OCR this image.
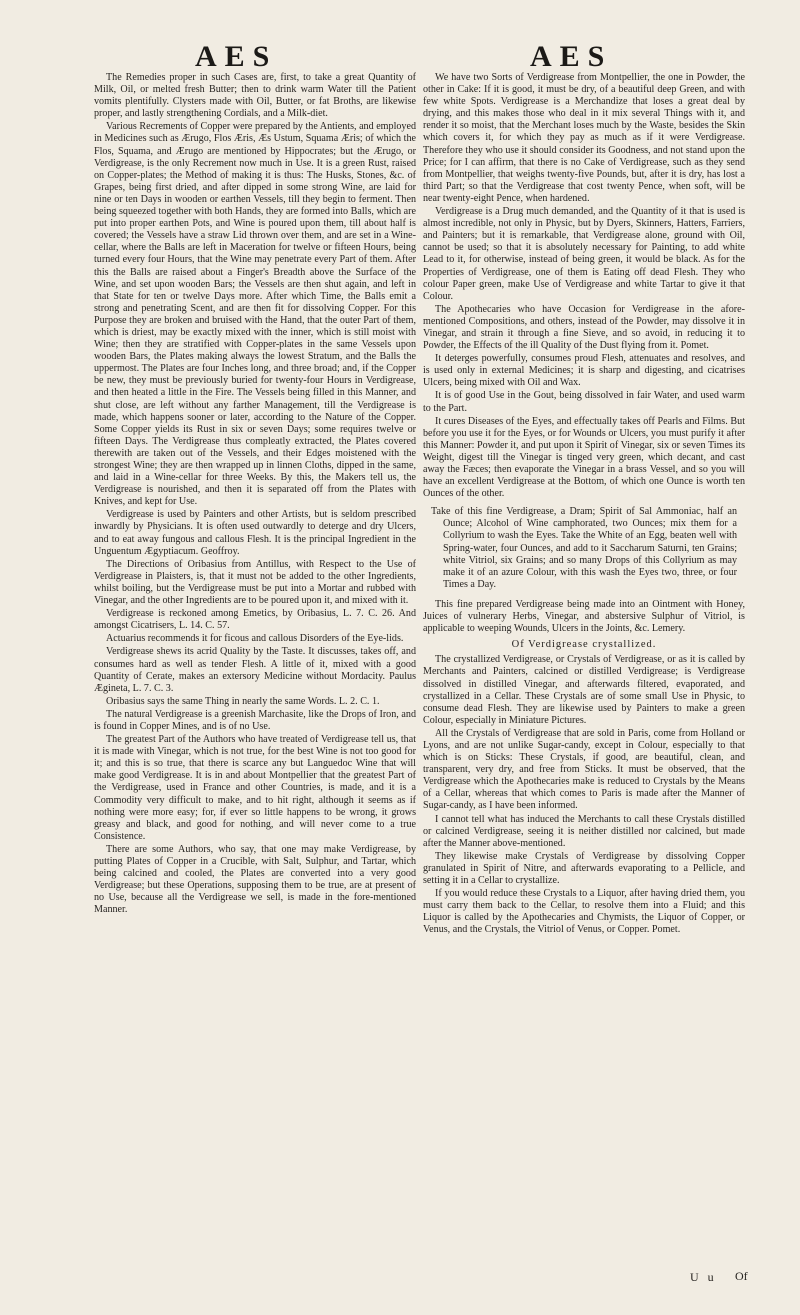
AES	AES

The Remedies proper in such Cases are, first, to take a great Quantity of Milk, Oil, or melted fresh Butter; then to drink warm Water till the Patient vomits plentifully. Clysters made with Oil, Butter, or fat Broths, are likewise proper, and lastly strengthening Cordials, and a Milk-diet.

Various Recrements of Copper were prepared by the Antients, and employed in Medicines such as Ærugo, Flos Æris, Æs Ustum, Squama Æris; of which the Flos, Squama, and Ærugo are mentioned by Hippocrates; but the Ærugo, or Verdigrease, is the only Recrement now much in Use. It is a green Rust, raised on Copper-plates; the Method of making it is thus: The Husks, Stones, &c. of Grapes, being first dried, and after dipped in some strong Wine, are laid for nine or ten Days in wooden or earthen Vessels, till they begin to ferment. Then being squeezed together with both Hands, they are formed into Balls, which are put into proper earthen Pots, and Wine is poured upon them, till about half is covered; the Vessels have a straw Lid thrown over them, and are set in a Wine-cellar, where the Balls are left in Maceration for twelve or fifteen Hours, being turned every four Hours, that the Wine may penetrate every Part of them. After this the Balls are raised about a Finger's Breadth above the Surface of the Wine, and set upon wooden Bars; the Vessels are then shut again, and left in that State for ten or twelve Days more. After which Time, the Balls emit a strong and penetrating Scent, and are then fit for dissolving Copper. For this Purpose they are broken and bruised with the Hand, that the outer Part of them, which is driest, may be exactly mixed with the inner, which is still moist with Wine; then they are stratified with Copper-plates in the same Vessels upon wooden Bars, the Plates making always the lowest Stratum, and the Balls the uppermost. The Plates are four Inches long, and three broad; and, if the Copper be new, they must be previously buried for twenty-four Hours in Verdigrease, and then heated a little in the Fire. The Vessels being filled in this Manner, and shut close, are left without any farther Management, till the Verdigrease is made, which happens sooner or later, according to the Nature of the Copper. Some Copper yields its Rust in six or seven Days; some requires twelve or fifteen Days. The Verdigrease thus compleatly extracted, the Plates covered therewith are taken out of the Vessels, and their Edges moistened with the strongest Wine; they are then wrapped up in linnen Cloths, dipped in the same, and laid in a Wine-cellar for three Weeks. By this, the Makers tell us, the Verdigrease is nourished, and then it is separated off from the Plates with Knives, and kept for Use.

Verdigrease is used by Painters and other Artists, but is seldom prescribed inwardly by Physicians. It is often used outwardly to deterge and dry Ulcers, and to eat away fungous and callous Flesh. It is the principal Ingredient in the Unguentum Ægyptiacum. Geoffroy.

The Directions of Oribasius from Antillus, with Respect to the Use of Verdigrease in Plaisters, is, that it must not be added to the other Ingredients, whilst boiling, but the Verdigrease must be put into a Mortar and rubbed with Vinegar, and the other Ingredients are to be poured upon it, and mixed with it.

Verdigrease is reckoned among Emetics, by Oribasius, L. 7. C. 26. And amongst Cicatrisers, L. 14. C. 57.

Actuarius recommends it for ficous and callous Disorders of the Eye-lids.

Verdigrease shews its acrid Quality by the Taste. It discusses, takes off, and consumes hard as well as tender Flesh. A little of it, mixed with a good Quantity of Cerate, makes an extersory Medicine without Mordacity. Paulus Ægineta, L. 7. C. 3.

Oribasius says the same Thing in nearly the same Words. L. 2. C. 1.

The natural Verdigrease is a greenish Marchasite, like the Drops of Iron, and is found in Copper Mines, and is of no Use.

The greatest Part of the Authors who have treated of Verdigrease tell us, that it is made with Vinegar, which is not true, for the best Wine is not too good for it; and this is so true, that there is scarce any but Languedoc Wine that will make good Verdigrease. It is in and about Montpellier that the greatest Part of the Verdigrease, used in France and other Countries, is made, and it is a Commodity very difficult to make, and to hit right, although it seems as if nothing were more easy; for, if ever so little happens to be wrong, it grows greasy and black, and good for nothing, and will never come to a true Consistence.

There are some Authors, who say, that one may make Verdigrease, by putting Plates of Copper in a Crucible, with Salt, Sulphur, and Tartar, which being calcined and cooled, the Plates are converted into a very good Verdigrease; but these Operations, supposing them to be true, are at present of no Use, because all the Verdigrease we sell, is made in the fore-mentioned Manner.

We have two Sorts of Verdigrease from Montpellier, the one in Powder, the other in Cake: If it is good, it must be dry, of a beautiful deep Green, and with few white Spots. Verdigrease is a Merchandize that loses a great deal by drying, and this makes those who deal in it mix several Things with it, and render it so moist, that the Merchant loses much by the Waste, besides the Skin which covers it, for which they pay as much as if it were Verdigrease. Therefore they who use it should consider its Goodness, and not stand upon the Price; for I can affirm, that there is no Cake of Verdigrease, such as they send from Montpellier, that weighs twenty-five Pounds, but, after it is dry, has lost a third Part; so that the Verdigrease that cost twenty Pence, when soft, will be near twenty-eight Pence, when hardened.

Verdigrease is a Drug much demanded, and the Quantity of it that is used is almost incredible, not only in Physic, but by Dyers, Skinners, Hatters, Farriers, and Painters; but it is remarkable, that Verdigrease alone, ground with Oil, cannot be used; so that it is absolutely necessary for Painting, to add white Lead to it, for otherwise, instead of being green, it would be black. As for the Properties of Verdigrease, one of them is Eating off dead Flesh. They who colour Paper green, make Use of Verdigrease and white Tartar to give it that Colour.

The Apothecaries who have Occasion for Verdigrease in the afore-mentioned Compositions, and others, instead of the Powder, may dissolve it in Vinegar, and strain it through a fine Sieve, and so avoid, in reducing it to Powder, the Effects of the ill Quality of the Dust flying from it. Pomet.

It deterges powerfully, consumes proud Flesh, attenuates and resolves, and is used only in external Medicines; it is sharp and digesting, and cicatrises Ulcers, being mixed with Oil and Wax.

It is of good Use in the Gout, being dissolved in fair Water, and used warm to the Part.

It cures Diseases of the Eyes, and effectually takes off Pearls and Films. But before you use it for the Eyes, or for Wounds or Ulcers, you must purify it after this Manner: Powder it, and put upon it Spirit of Vinegar, six or seven Times its Weight, digest till the Vinegar is tinged very green, which decant, and cast away the Fæces; then evaporate the Vinegar in a brass Vessel, and so you will have an excellent Verdigrease at the Bottom, of which one Ounce is worth ten Ounces of the other.

Take of this fine Verdigrease, a Dram; Spirit of Sal Ammoniac, half an Ounce; Alcohol of Wine camphorated, two Ounces; mix them for a Collyrium to wash the Eyes. Take the White of an Egg, beaten well with Spring-water, four Ounces, and add to it Saccharum Saturni, ten Grains; white Vitriol, six Grains; and so many Drops of this Collyrium as may make it of an azure Colour, with this wash the Eyes two, three, or four Times a Day.

This fine prepared Verdigrease being made into an Ointment with Honey, Juices of vulnerary Herbs, Vinegar, and abstersive Sulphur of Vitriol, is applicable to weeping Wounds, Ulcers in the Joints, &c. Lemery.

Of Verdigrease crystallized.

The crystallized Verdigrease, or Crystals of Verdigrease, or as it is called by Merchants and Painters, calcined or distilled Verdigrease; is Verdigrease dissolved in distilled Vinegar, and afterwards filtered, evaporated, and crystallized in a Cellar. These Crystals are of some small Use in Physic, to consume dead Flesh. They are likewise used by Painters to make a green Colour, especially in Miniature Pictures.

All the Crystals of Verdigrease that are sold in Paris, come from Holland or Lyons, and are not unlike Sugar-candy, except in Colour, especially to that which is on Sticks: These Crystals, if good, are beautiful, clean, and transparent, very dry, and free from Sticks. It must be observed, that the Verdigrease which the Apothecaries make is reduced to Crystals by the Means of a Cellar, whereas that which comes to Paris is made after the Manner of Sugar-candy, as I have been informed.

I cannot tell what has induced the Merchants to call these Crystals distilled or calcined Verdigrease, seeing it is neither distilled nor calcined, but made after the Manner above-mentioned.

They likewise make Crystals of Verdigrease by dissolving Copper granulated in Spirit of Nitre, and afterwards evaporating to a Pellicle, and setting it in a Cellar to crystallize.

If you would reduce these Crystals to a Liquor, after having dried them, you must carry them back to the Cellar, to resolve them into a Fluid; and this Liquor is called by the Apothecaries and Chymists, the Liquor of Copper, or Venus, and the Crystals, the Vitriol of Venus, or Copper. Pomet.

U u Of
